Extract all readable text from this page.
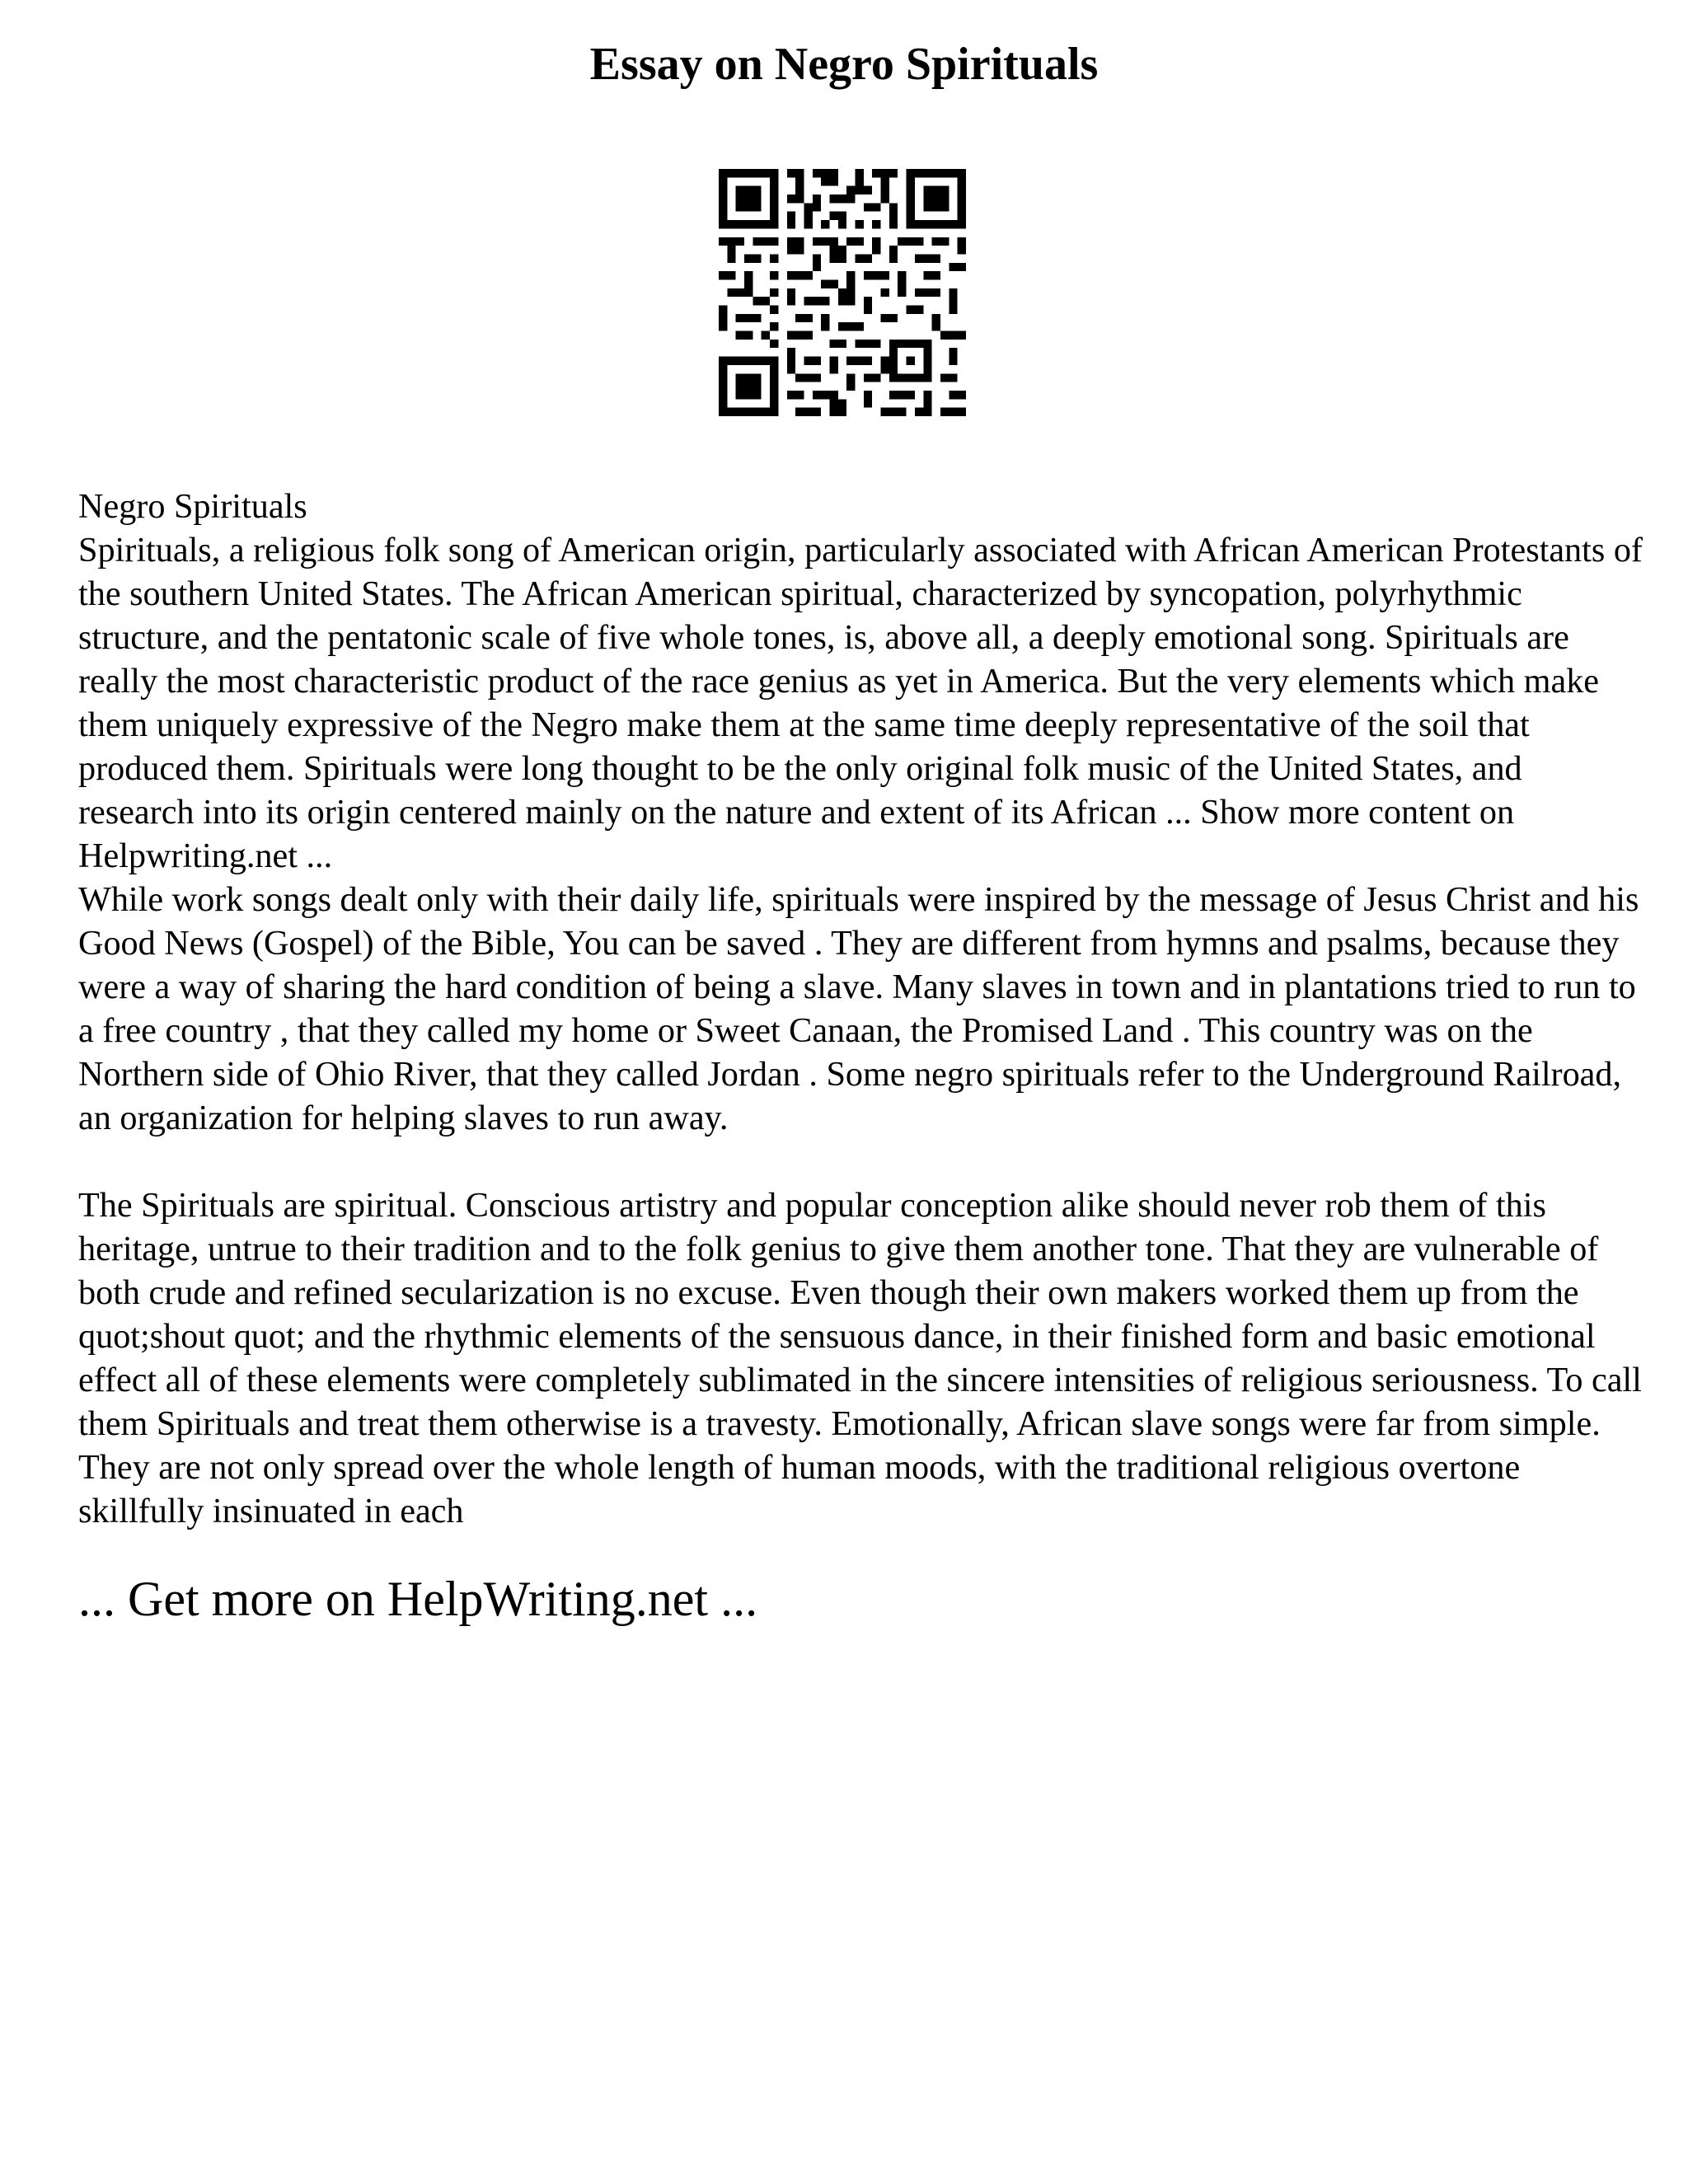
Essay on Negro Spirituals

Negro Spirituals

Spirituals, a religious folk song of American origin, particularly associated with African American Protestants of the southern United States. The African American spiritual, characterized by syncopation, polyrhythmic structure, and the pentatonic scale of five whole tones, is, above all, a deeply emotional song. Spirituals are really the most characteristic product of the race genius as yet in America. But the very elements which make them uniquely expressive of the Negro make them at the same time deeply representative of the soil that produced them. Spirituals were long thought to be the only original folk music of the United States, and research into its origin centered mainly on the nature and extent of its African ... Show more content on Helpwriting.net ...

While work songs dealt only with their daily life, spirituals were inspired by the message of Jesus Christ and his Good News (Gospel) of the Bible, You can be saved . They are different from hymns and psalms, because they were a way of sharing the hard condition of being a slave. Many slaves in town and in plantations tried to run to a free country , that they called my home or Sweet Canaan, the Promised Land . This country was on the Northern side of Ohio River, that they called Jordan . Some negro spirituals refer to the Underground Railroad, an organization for helping slaves to run away.

The Spirituals are spiritual. Conscious artistry and popular conception alike should never rob them of this heritage, untrue to their tradition and to the folk genius to give them another tone. That they are vulnerable of both crude and refined secularization is no excuse. Even though their own makers worked them up from the quot;shout quot; and the rhythmic elements of the sensuous dance, in their finished form and basic emotional effect all of these elements were completely sublimated in the sincere intensities of religious seriousness. To call them Spirituals and treat them otherwise is a travesty. Emotionally, African slave songs were far from simple. They are not only spread over the whole length of human moods, with the traditional religious overtone skillfully insinuated in each

... Get more on HelpWriting.net ...
